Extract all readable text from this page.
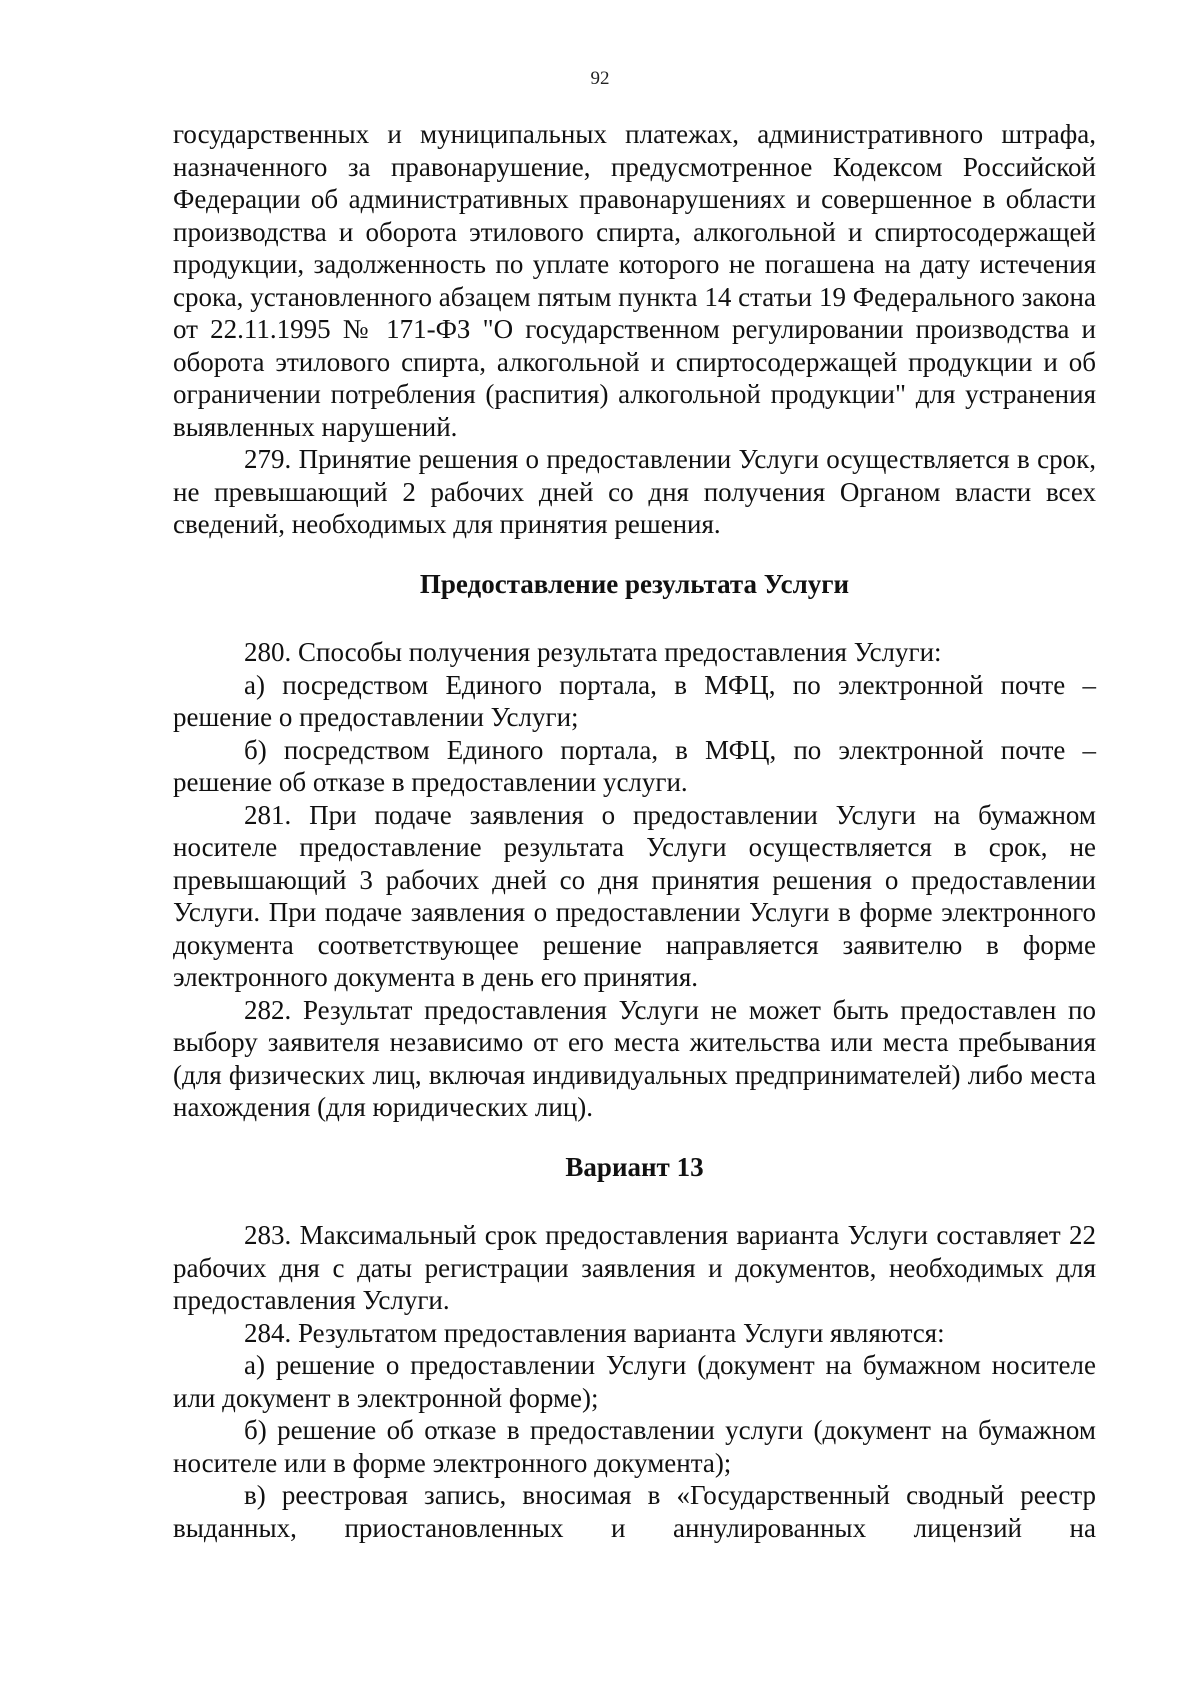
92

государственных и муниципальных платежах, административного штрафа, назначенного за правонарушение, предусмотренное Кодексом Российской Федерации об административных правонарушениях и совершенное в области производства и оборота этилового спирта, алкогольной и спиртосодержащей продукции, задолженность по уплате которого не погашена на дату истечения срока, установленного абзацем пятым пункта 14 статьи 19 Федерального закона от 22.11.1995 № 171-ФЗ "О государственном регулировании производства и оборота этилового спирта, алкогольной и спиртосодержащей продукции и об ограничении потребления (распития) алкогольной продукции" для устранения выявленных нарушений.

279. Принятие решения о предоставлении Услуги осуществляется в срок, не превышающий 2 рабочих дней со дня получения Органом власти всех сведений, необходимых для принятия решения.

Предоставление результата Услуги

280. Способы получения результата предоставления Услуги:

а) посредством Единого портала, в МФЦ, по электронной почте – решение о предоставлении Услуги;

б) посредством Единого портала, в МФЦ, по электронной почте – решение об отказе в предоставлении услуги.

281. При подаче заявления о предоставлении Услуги на бумажном носителе предоставление результата Услуги осуществляется в срок, не превышающий 3 рабочих дней со дня принятия решения о предоставлении Услуги. При подаче заявления о предоставлении Услуги в форме электронного документа соответствующее решение направляется заявителю в форме электронного документа в день его принятия.

282. Результат предоставления Услуги не может быть предоставлен по выбору заявителя независимо от его места жительства или места пребывания (для физических лиц, включая индивидуальных предпринимателей) либо места нахождения (для юридических лиц).

Вариант 13

283. Максимальный срок предоставления варианта Услуги составляет 22 рабочих дня с даты регистрации заявления и документов, необходимых для предоставления Услуги.

284. Результатом предоставления варианта Услуги являются:

а) решение о предоставлении Услуги (документ на бумажном носителе или документ в электронной форме);

б) решение об отказе в предоставлении услуги (документ на бумажном носителе или в форме электронного документа);

в) реестровая запись, вносимая в «Государственный сводный реестр выданных, приостановленных и аннулированных лицензий на
